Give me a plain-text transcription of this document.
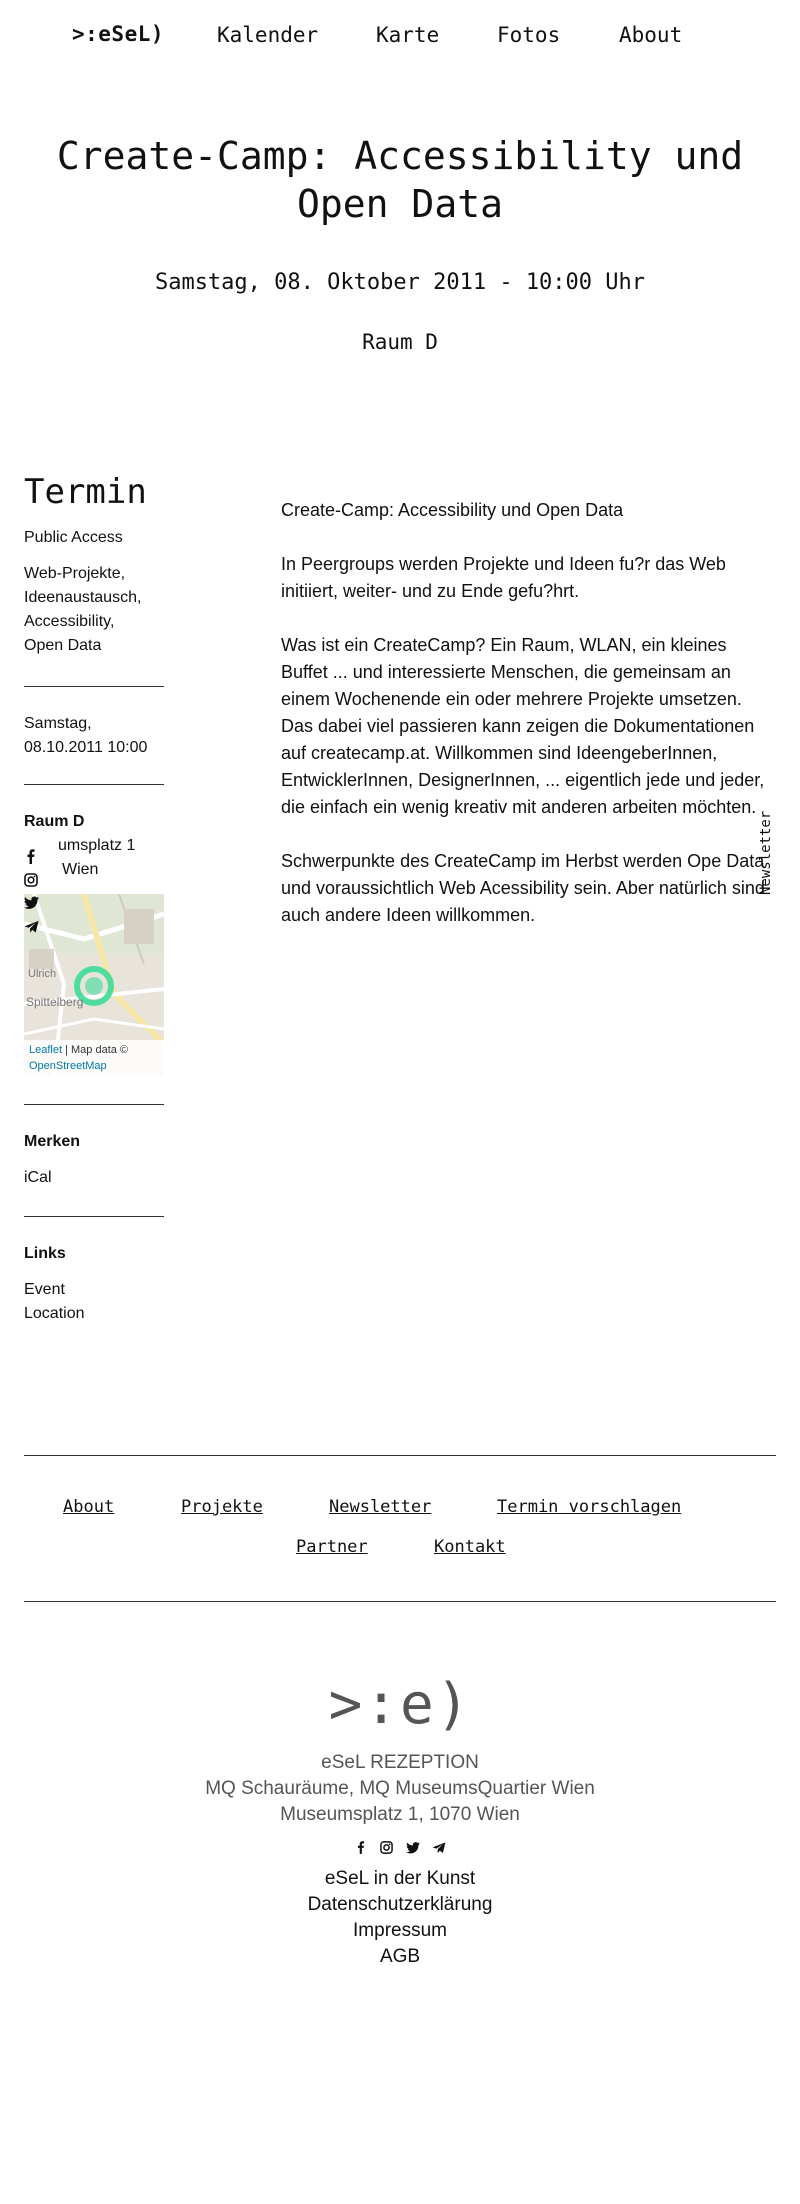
>:eSeL)	Kalender	Karte	Fotos	About
Create-Camp: Accessibility und Open Data
Samstag, 08. Oktober 2011 - 10:00 Uhr
Raum D
Termin
Public Access
Web-Projekte,
Ideenaustausch,
Accessibility,
Open Data
Samstag,
08.10.2011 10:00
Raum D
umsplatz 1
Wien
Ulrich
Spittelberg
Leaflet | Map data ©
OpenStreetMap
Merken
iCal
Links
Event
Location

Create-Camp: Accessibility und Open Data

In Peergroups werden Projekte und Ideen fu?r das Web initiiert, weiter- und zu Ende gefu?hrt.

Was ist ein CreateCamp? Ein Raum, WLAN, ein kleines Buffet ... und interessierte Menschen, die gemeinsam an einem Wochenende ein oder mehrere Projekte umsetzen. Das dabei viel passieren kann zeigen die Dokumentationen auf createcamp.at. Willkommen sind IdeengeberInnen, EntwicklerInnen, DesignerInnen, ... eigentlich jede und jeder, die einfach ein wenig kreativ mit anderen arbeiten möchten.

Schwerpunkte des CreateCamp im Herbst werden Ope Data und voraussichtlich Web Acessibility sein. Aber natürlich sind auch andere Ideen willkommen.

Newsletter
About	Projekte	Newsletter	Termin vorschlagen
Partner	Kontakt
>:e)
eSeL REZEPTION
MQ Schauräume, MQ MuseumsQuartier Wien
Museumsplatz 1, 1070 Wien

eSeL in der Kunst
Datenschutzerklärung
Impressum
AGB
